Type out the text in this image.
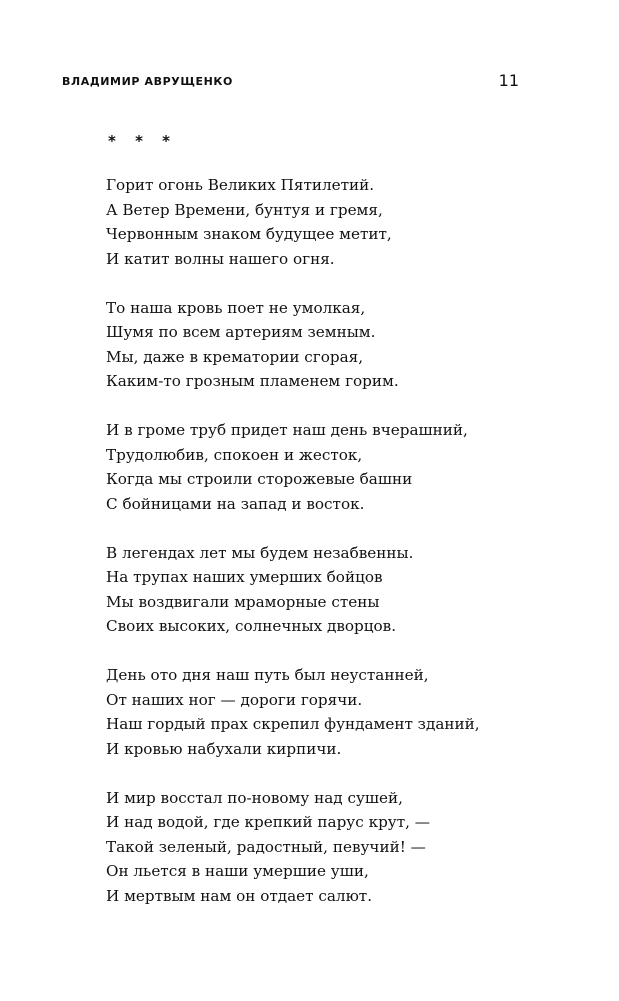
ВЛАДИМИР АВРУЩЕНКО	11
* * *
Горит огонь Великих Пятилетий.
А Ветер Времени, бунтуя и гремя,
Червонным знаком будущее метит,
И катит волны нашего огня.
То наша кровь поет не умолкая,
Шумя по всем артериям земным.
Мы, даже в крематории сгорая,
Каким-то грозным пламенем горим.
И в громе труб придет наш день вчерашний,
Трудолюбив, спокоен и жесток,
Когда мы строили сторожевые башни
С бойницами на запад и восток.
В легендах лет мы будем незабвенны.
На трупах наших умерших бойцов
Мы воздвигали мраморные стены
Своих высоких, солнечных дворцов.
День ото дня наш путь был неустанней,
От наших ног — дороги горячи.
Наш гордый прах скрепил фундамент зданий,
И кровью набухали кирпичи.
И мир восстал по-новому над сушей,
И над водой, где крепкий парус крут, —
Такой зеленый, радостный, певучий! —
Он льется в наши умершие уши,
И мертвым нам он отдает салют.
